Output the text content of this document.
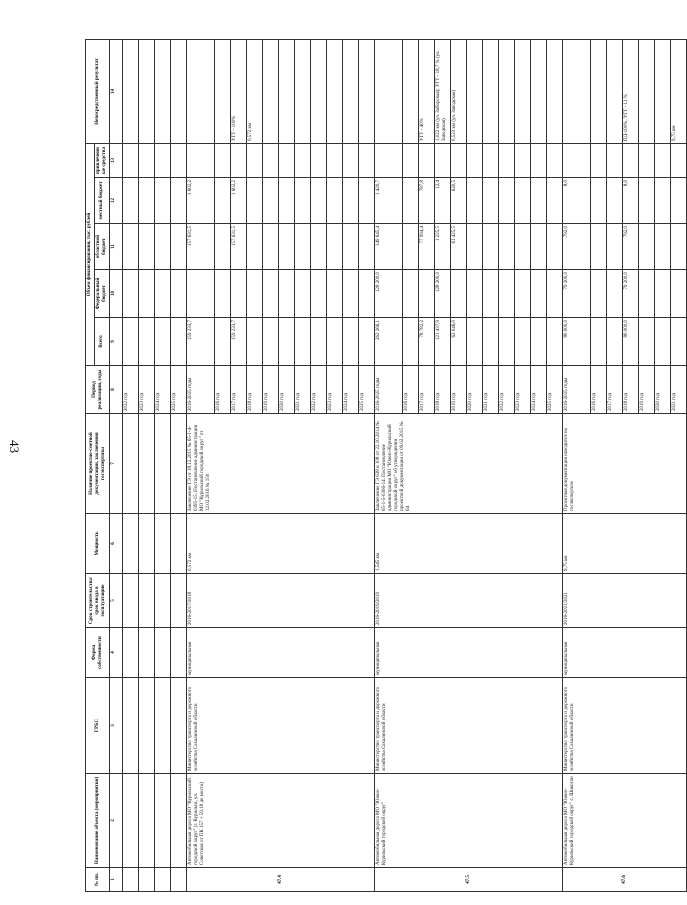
43
№ пп.	Наименование объекта (мероприятия)	ГРБС	Форма собственности	Срок строительства/срок ввода в эксплуатацию	Мощность	Наличие проектно-сметной документации, заключения госэкспертизы	Период реализации, годы	Объем финансирования, тыс. рублей					Непосредственный результат
								Всего	Федеральный бюджет	областной бюджет	местный бюджет	привлеченные средства	
1	2	3	4	5	6	7	8	9	10	11	12	13	14
							2022 год						
							2023 год						
							2024 год						
							2025 год						
47.4	Автомобильная дорога МО "Курильский городской округ" (г. Курильск, ул. Советская от ПК 157 + 59,18 до моста)	Министерство транспорта и дорожного хозяйства Сахалинской области	муниципальная	2016-2017/2018	0,572 км	Заключение ГЭ от 18.12.2015 № 65-1-4-0395-15. Постановление администрации МО "Курильский городской округ" от 12.02.2016 № 150	2016-2025 годы	159 233,7		157 631,5	1 602,2		
							2016 год						
							2017 год	159 233,7		157 631,5	1 602,2		УГТ - 100%
							2018 год						0,572 км
							2019 год						
							2020 год						
							2021 год						
							2022 год						
							2023 год						
							2024 год						
							2025 год						
47.5	Автомобильная дорога МО "Южно-Курильский городской округ"	Министерство транспорта и дорожного хозяйства Сахалинской области	муниципальная	2016-2019/2019	1,545 км	Заключение ГЭ 638 и 108 от 22.10.2014 № 65-1-5-0306-14. Постановление администрации МО "Южно-Курильский городской округ" об утверждении проектной документации от 09.02.2015 № 64	2016-2025 годы	262 266,1	128 200,0	149 645,4	1 420,7		
							2016 год						
							2017 год	78 782,2		77 994,4	787,8		УГТ - 40%
							2018 год	121 437,9	128 200,0	1 225,5	12,4		1,022 км (ул. Заборская); УГТ - 18,7 % (ул. Заводская)
							2019 год	62 046,0		61 425,5	620,5		0,523 км (ул. Заводская)
							2020 год						
							2021 год						
							2022 год						
							2023 год						
							2024 год						
							2025 год						
47.6	Автомобильная дорога МО "Южно-Курильский городской округ" с. Шикотан	Министерство транспорта и дорожного хозяйства Сахалинской области	муниципальная	2016-2021/2021	9,75 км	Проектная документация находится на госэкспертизе	2016-2025 годы	80 000,0	79 200,0	792,0	8,0		
							2016 год						
							2017 год						
							2018 год	80 000,0	79 200,0	792,0	8,0		ПД-100%, УГТ - 11 %
							2019 год						
							2020 год						
							2021 год						9,75 км
